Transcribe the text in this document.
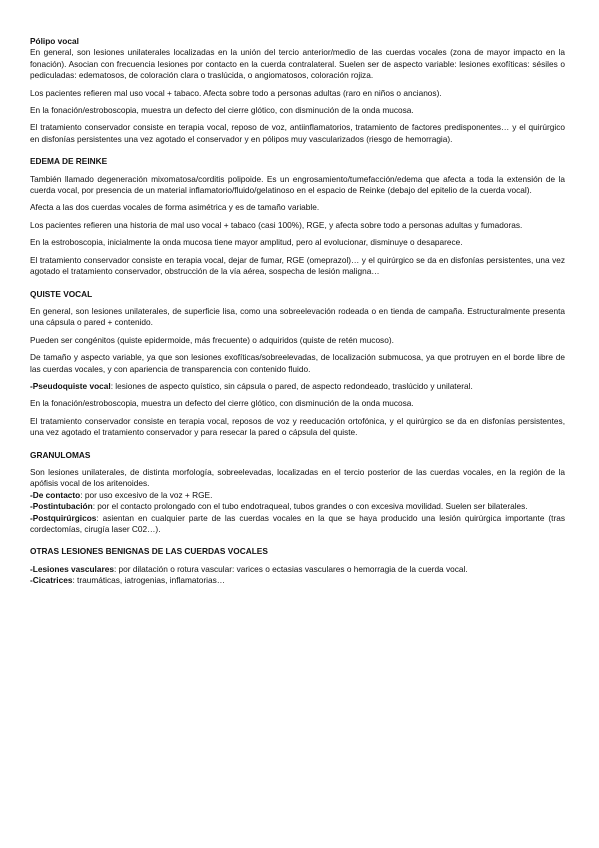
Pólipo vocal

En general, son lesiones unilaterales localizadas en la unión del tercio anterior/medio de las cuerdas vocales (zona de mayor impacto en la fonación). Asocian con frecuencia lesiones por contacto en la cuerda contralateral. Suelen ser de aspecto variable: lesiones exofíticas: sésiles o pediculadas: edematosos, de coloración clara o traslúcida, o angiomatosos, coloración rojiza.

Los pacientes refieren mal uso vocal + tabaco. Afecta sobre todo a personas adultas (raro en niños o ancianos).

En la fonación/estroboscopia, muestra un defecto del cierre glótico, con disminución de la onda mucosa.

El tratamiento conservador consiste en terapia vocal, reposo de voz, antiinflamatorios, tratamiento de factores predisponentes… y el quirúrgico en disfonías persistentes una vez agotado el conservador y en pólipos muy vascularizados (riesgo de hemorragia).

EDEMA DE REINKE

También llamado degeneración mixomatosa/corditis polipoide. Es un engrosamiento/tumefacción/edema que afecta a toda la extensión de la cuerda vocal, por presencia de un material inflamatorio/fluido/gelatinoso en el espacio de Reinke (debajo del epitelio de la cuerda vocal).

Afecta a las dos cuerdas vocales de forma asimétrica y es de tamaño variable.

Los pacientes refieren una historia de mal uso vocal + tabaco (casi 100%), RGE, y afecta sobre todo a personas adultas y fumadoras.

En la estroboscopia, inicialmente la onda mucosa tiene mayor amplitud, pero al evolucionar, disminuye o desaparece.

El tratamiento conservador consiste en terapia vocal, dejar de fumar, RGE (omeprazol)… y el quirúrgico se da en disfonías persistentes, una vez agotado el tratamiento conservador, obstrucción de la vía aérea, sospecha de lesión maligna…

QUISTE VOCAL

En general, son lesiones unilaterales, de superficie lisa, como una sobreelevación rodeada o en tienda de campaña. Estructuralmente presenta una cápsula o pared + contenido.

Pueden ser congénitos (quiste epidermoide, más frecuente) o adquiridos (quiste de retén mucoso).

De tamaño y aspecto variable, ya que son lesiones exofíticas/sobreelevadas, de localización submucosa, ya que protruyen en el borde libre de las cuerdas vocales, y con apariencia de transparencia con contenido fluido.

-Pseudoquiste vocal: lesiones de aspecto quístico, sin cápsula o pared, de aspecto redondeado, traslúcido y unilateral.

En la fonación/estroboscopia, muestra un defecto del cierre glótico, con disminución de la onda mucosa.

El tratamiento conservador consiste en terapia vocal, reposos de voz y reeducación ortofónica, y el quirúrgico se da en disfonías persistentes, una vez agotado el tratamiento conservador y para resecar la pared o cápsula del quiste.

GRANULOMAS

Son lesiones unilaterales, de distinta morfología, sobreelevadas, localizadas en el tercio posterior de las cuerdas vocales, en la región de la apófisis vocal de los aritenoides.

-De contacto: por uso excesivo de la voz + RGE.

-Postintubación: por el contacto prolongado con el tubo endotraqueal, tubos grandes o con excesiva movilidad. Suelen ser bilaterales.

-Postquirúrgicos: asientan en cualquier parte de las cuerdas vocales en la que se haya producido una lesión quirúrgica importante (tras cordectomías, cirugía laser C02…).

OTRAS LESIONES BENIGNAS DE LAS CUERDAS VOCALES

-Lesiones vasculares: por dilatación o rotura vascular: varices o ectasias vasculares o hemorragia de la cuerda vocal.

-Cicatrices: traumáticas, iatrogenias, inflamatorias…
